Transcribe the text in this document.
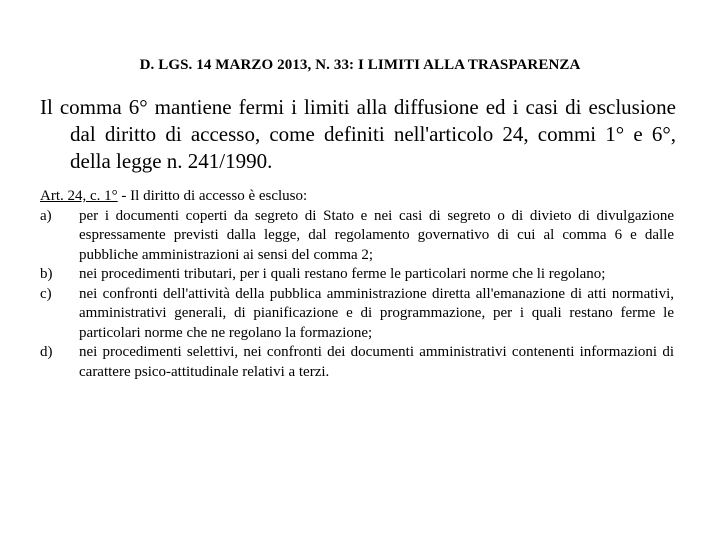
D. LGS. 14 MARZO 2013, N. 33: I LIMITI ALLA TRASPARENZA
Il comma 6° mantiene fermi i limiti alla diffusione ed i casi di esclusione dal diritto di accesso, come definiti nell'articolo 24, commi 1° e 6°, della legge n. 241/1990.

Art. 24, c. 1° - Il diritto di accesso è escluso:

a)	per i documenti coperti da segreto di Stato e nei casi di segreto o di divieto di divulgazione espressamente previsti dalla legge, dal regolamento governativo di cui al comma 6 e dalle pubbliche amministrazioni ai sensi del comma 2;
b)	nei procedimenti tributari, per i quali restano ferme le particolari norme che li regolano;
c)	nei confronti dell'attività della pubblica amministrazione diretta all'emanazione di atti normativi, amministrativi generali, di pianificazione e di programmazione, per i quali restano ferme le particolari norme che ne regolano la formazione;
d)	nei procedimenti selettivi, nei confronti dei documenti amministrativi contenenti informazioni di carattere psico-attitudinale relativi a terzi.
